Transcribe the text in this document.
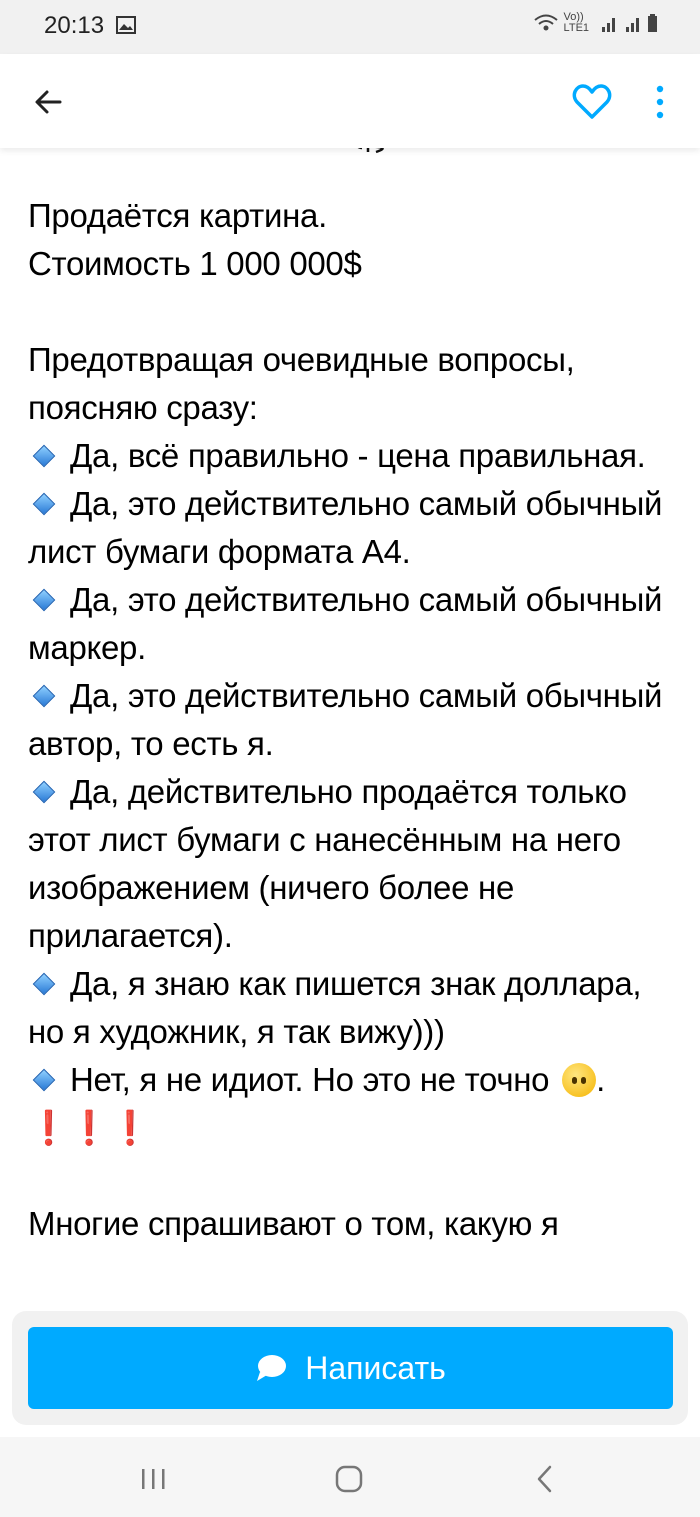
20:13	Vo)) LTE1

Продаётся картина.

Стоимость 1 000 000$

Предотвращая очевидные вопросы, поясняю сразу:

Да, всё правильно - цена правильная.

Да, это действительно самый обычный лист бумаги формата А4.

Да, это действительно самый обычный маркер.

Да, это действительно самый обычный автор, то есть я.

Да, действительно продаётся только этот лист бумаги с нанесённым на него изображением (ничего более не прилагается).

Да, я знаю как пишется знак доллара, но я художник, я так вижу)))

Нет, я не идиот. Но это не точно .

❗❗❗

Многие спрашивают о том, какую я

Написать
